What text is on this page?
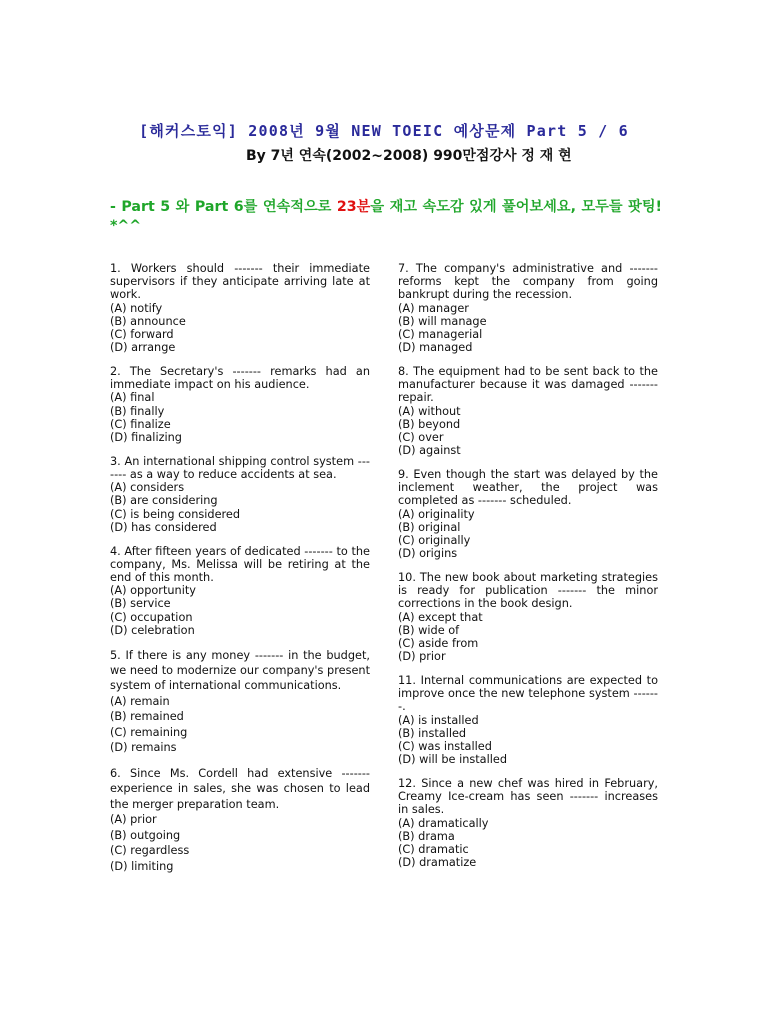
[해커스토익] 2008년 9월 NEW TOEIC 예상문제 Part 5 / 6
By 7년 연속(2002~2008) 990만점강사 정 재 현
- Part 5 와 Part 6를 연속적으로 23분을 재고 속도감 있게 풀어보세요, 모두들 팟팅! *^^
1. Workers should ------- their immediate supervisors if they anticipate arriving late at work.
(A) notify
(B) announce
(C) forward
(D) arrange
2. The Secretary's ------- remarks had an immediate impact on his audience.
(A) final
(B) finally
(C) finalize
(D) finalizing
3. An international shipping control system ------- as a way to reduce accidents at sea.
(A) considers
(B) are considering
(C) is being considered
(D) has considered
4. After fifteen years of dedicated ------- to the company, Ms. Melissa will be retiring at the end of this month.
(A) opportunity
(B) service
(C) occupation
(D) celebration
5. If there is any money ------- in the budget, we need to modernize our company's present system of international communications.
(A) remain
(B) remained
(C) remaining
(D) remains
6. Since Ms. Cordell had extensive ------- experience in sales, she was chosen to lead the merger preparation team.
(A) prior
(B) outgoing
(C) regardless
(D) limiting
7. The company's administrative and ------- reforms kept the company from going bankrupt during the recession.
(A) manager
(B) will manage
(C) managerial
(D) managed
8. The equipment had to be sent back to the manufacturer because it was damaged ------- repair.
(A) without
(B) beyond
(C) over
(D) against
9. Even though the start was delayed by the inclement weather, the project was completed as ------- scheduled.
(A) originality
(B) original
(C) originally
(D) origins
10. The new book about marketing strategies is ready for publication ------- the minor corrections in the book design.
(A) except that
(B) wide of
(C) aside from
(D) prior
11. Internal communications are expected to improve once the new telephone system -------.
(A) is installed
(B) installed
(C) was installed
(D) will be installed
12. Since a new chef was hired in February, Creamy Ice-cream has seen ------- increases in sales.
(A) dramatically
(B) drama
(C) dramatic
(D) dramatize
